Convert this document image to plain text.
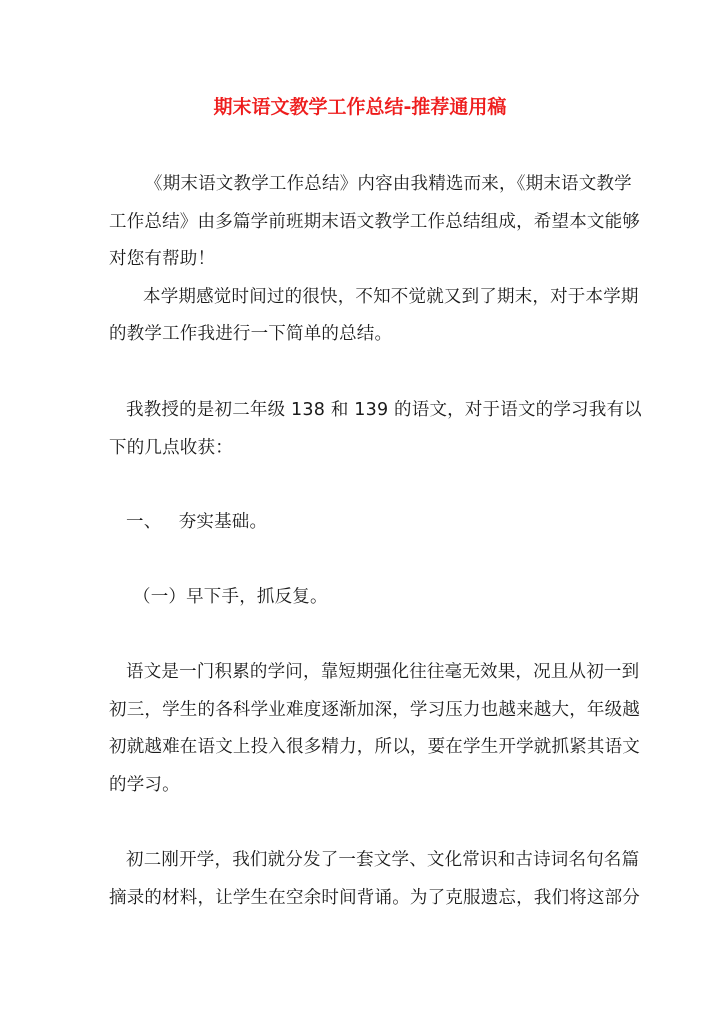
期末语文教学工作总结-推荐通用稿
《期末语文教学工作总结》内容由我精选而来，《期末语文教学
工作总结》由多篇学前班期末语文教学工作总结组成，希望本文能够
对您有帮助！
本学期感觉时间过的很快，不知不觉就又到了期末，对于本学期
的教学工作我进行一下简单的总结。
我教授的是初二年级 138 和 139 的语文，对于语文的学习我有以
下的几点收获：
一、   夯实基础。
（一）早下手，抓反复。
语文是一门积累的学问，靠短期强化往往毫无效果，况且从初一到
初三，学生的各科学业难度逐渐加深，学习压力也越来越大，年级越
初就越难在语文上投入很多精力，所以，要在学生开学就抓紧其语文
的学习。
初二刚开学，我们就分发了一套文学、文化常识和古诗词名句名篇
摘录的材料，让学生在空余时间背诵。为了克服遗忘，我们将这部分
